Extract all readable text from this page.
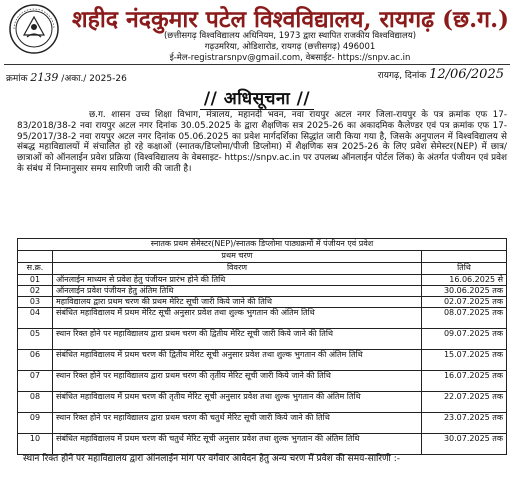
शहीद नंदकुमार पटेल विश्वविद्यालय, रायगढ़ (छ.ग.)
(छत्तीसगढ़ विश्वविद्यालय अधिनियम, 1973 द्वारा स्थापित राजकीय विश्वविद्यालय)
गढ़उमरिया, ओडिशारोड, रायगढ़ (छत्तीसगढ़) 496001
ई-मेल-registrarsnpv@gmail.com, वेबसाईट- https://snpv.ac.in
क्रमांक 2139 /अका./ 2025-26	रायगढ़, दिनांक 12/06/2025
// अधिसूचना //
छ.ग. शासन उच्च शिक्षा विभाग, मंत्रालय, महानदी भवन, नवा रायपुर अटल नगर जिला-रायपुर के पत्र क्रमांक एफ 17-83/2018/38-2 नवा रायपुर अटल नगर दिनांक 30.05.2025 के द्वारा शैक्षणिक सत्र 2025-26 का अकादमिक कैलेण्डर एवं पत्र क्रमांक एफ 17-95/2017/38-2 नवा रायपुर अटल नगर दिनांक 05.06.2025 का प्रवेश मार्गदर्शिका सिद्धांत जारी किया गया है, जिसके अनुपालन में विश्वविद्यालय से संबद्ध महाविद्यालयों में संचालित हो रहे कक्षाओं (स्नातक/डिप्लोमा/पीजी डिप्लोमा) में शैक्षणिक सत्र 2025-26 के लिए प्रवेश सेमेस्टर(NEP) में छात्र/छात्राओं को ऑनलाईन प्रवेश प्रक्रिया (विश्वविद्यालय के वेबसाइट- https://snpv.ac.in पर उपलब्ध ऑनलाईन पोर्टल लिंक) के अंतर्गत पंजीयन एवं प्रवेश के संबंध में निम्नानुसार समय सारिणी जारी की जाती है।
स्नातक प्रथम सेमेस्टर(NEP)/स्नातक डिप्लोमा पाठ्यक्रमों में पंजीयन एवं प्रवेश		
	प्रथम चरण	
स.क्र.	विवरण	तिथि
01	ऑनलाईन माध्यम से प्रवेश हेतु पंजीयन प्रारंभ होने की तिथि	16.06.2025 से
02	ऑनलाईन प्रवेश पंजीयन हेतु अंतिम तिथि	30.06.2025 तक
03	महाविद्यालय द्वारा प्रथम चरण की प्रथम मेरिट सूची जारी किये जाने की तिथि	02.07.2025 तक
04	संबंधित महाविद्यालय में प्रथम मेरिट सूची अनुसार प्रवेश तथा शुल्क भुगतान की अंतिम तिथि	08.07.2025 तक
05	स्थान रिक्त होने पर महाविद्यालय द्वारा प्रथम चरण की द्वितीय मेरिट सूची जारी किये जाने की तिथि	09.07.2025 तक
06	संबंधित महाविद्यालय में प्रथम चरण की द्वितीय मेरिट सूची अनुसार प्रवेश तथा शुल्क भुगतान की अंतिम तिथि	15.07.2025 तक
07	स्थान रिक्त होने पर महाविद्यालय द्वारा प्रथम चरण की तृतीय मेरिट सूची जारी किये जाने की तिथि	16.07.2025 तक
08	संबंधित महाविद्यालय में प्रथम चरण की तृतीय मेरिट सूची अनुसार प्रवेश तथा शुल्क भुगतान की अंतिम तिथि	22.07.2025 तक
09	स्थान रिक्त होने पर महाविद्यालय द्वारा प्रथम चरण की चतुर्थ मेरिट सूची जारी किये जाने की तिथि	23.07.2025 तक
10	संबंधित महाविद्यालय में प्रथम चरण की चतुर्थ मेरिट सूची अनुसार प्रवेश तथा शुल्क भुगतान की अंतिम तिथि	30.07.2025 तक
स्थान रिक्त होने पर महाविद्यालय द्वारा ऑनलाईन मांग पर वर्गवार आवेदन हेतु अन्य चरण में प्रवेश की समय-सारिणी :-
